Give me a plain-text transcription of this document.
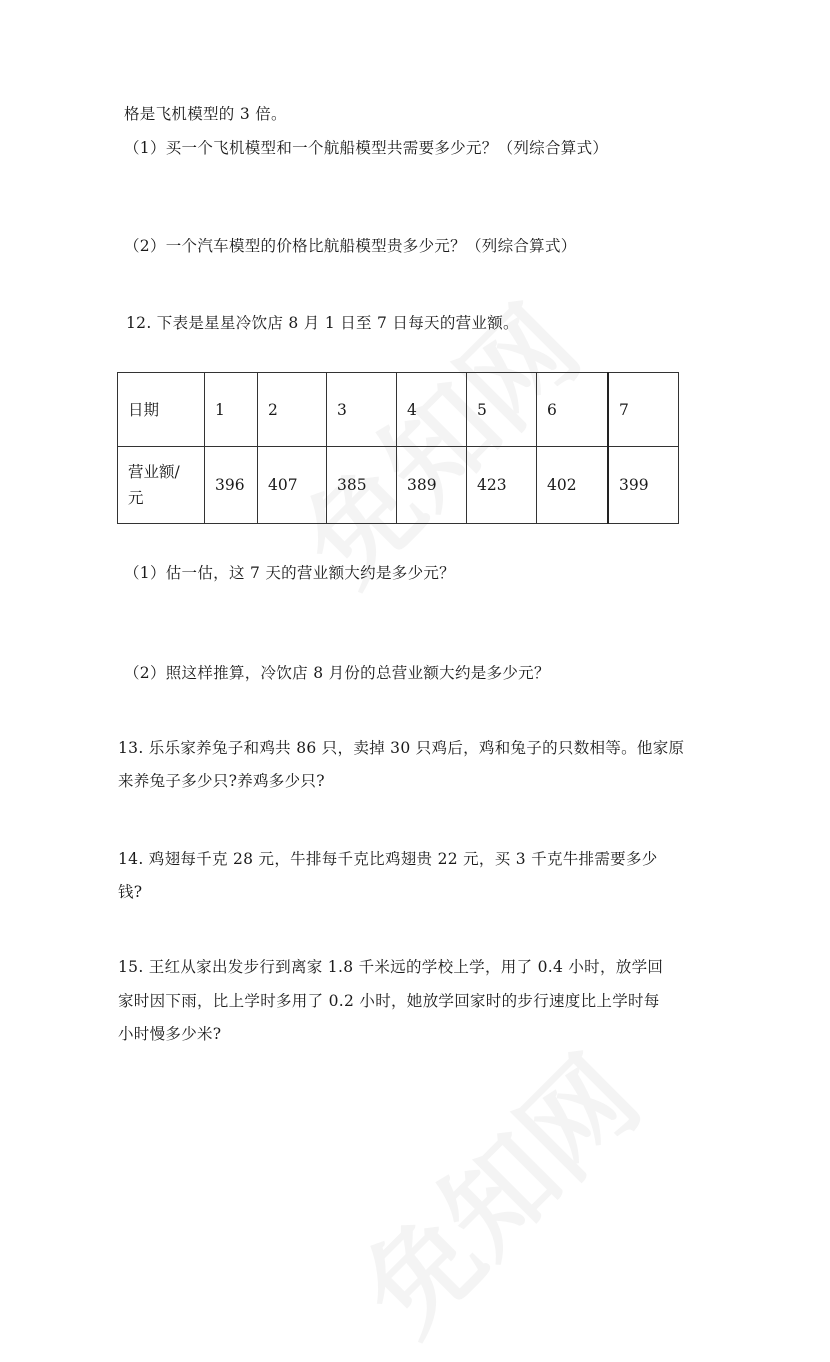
格是飞机模型的 3 倍。
（1）买一个飞机模型和一个航船模型共需要多少元？（列综合算式）
（2）一个汽车模型的价格比航船模型贵多少元？（列综合算式）
12. 下表是星星冷饮店 8 月 1 日至 7 日每天的营业额。
日期	1	2	3	4	5	6	7

营业额/
元	396	407	385	389	423	402	399
（1）估一估，这 7 天的营业额大约是多少元？
（2）照这样推算，冷饮店 8 月份的总营业额大约是多少元？
13. 乐乐家养兔子和鸡共 86 只，卖掉 30 只鸡后，鸡和兔子的只数相等。他家原
来养兔子多少只?养鸡多少只?
14. 鸡翅每千克 28 元，牛排每千克比鸡翅贵 22 元，买 3 千克牛排需要多少
钱?
15. 王红从家出发步行到离家 1.8 千米远的学校上学，用了 0.4 小时，放学回
家时因下雨，比上学时多用了 0.2 小时，她放学回家时的步行速度比上学时每
小时慢多少米?
